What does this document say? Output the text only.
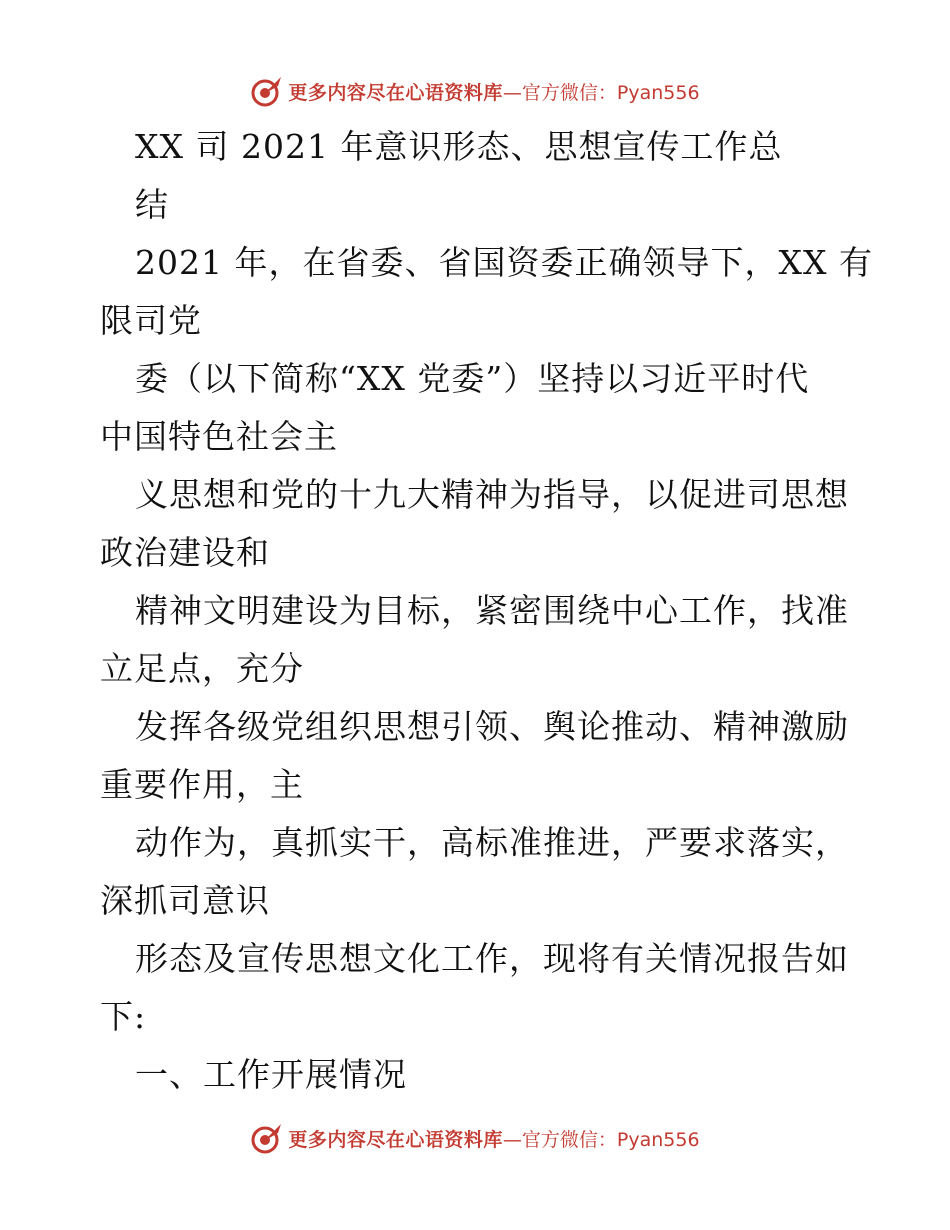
更多内容尽在心语资料库 —官方微信：Pyan556
XX 司 2021 年意识形态、思想宣传工作总
结
2021 年，在省委、省国资委正确领导下，XX 有
限司党
委（以下简称“XX 党委”）坚持以习近平时代
中国特色社会主
义思想和党的十九大精神为指导，以促进司思想
政治建设和
精神文明建设为目标，紧密围绕中心工作，找准
立足点，充分
发挥各级党组织思想引领、舆论推动、精神激励
重要作用，主
动作为，真抓实干，高标准推进，严要求落实，
深抓司意识
形态及宣传思想文化工作，现将有关情况报告如
下:
一、工作开展情况
更多内容尽在心语资料库 —官方微信：Pyan556
